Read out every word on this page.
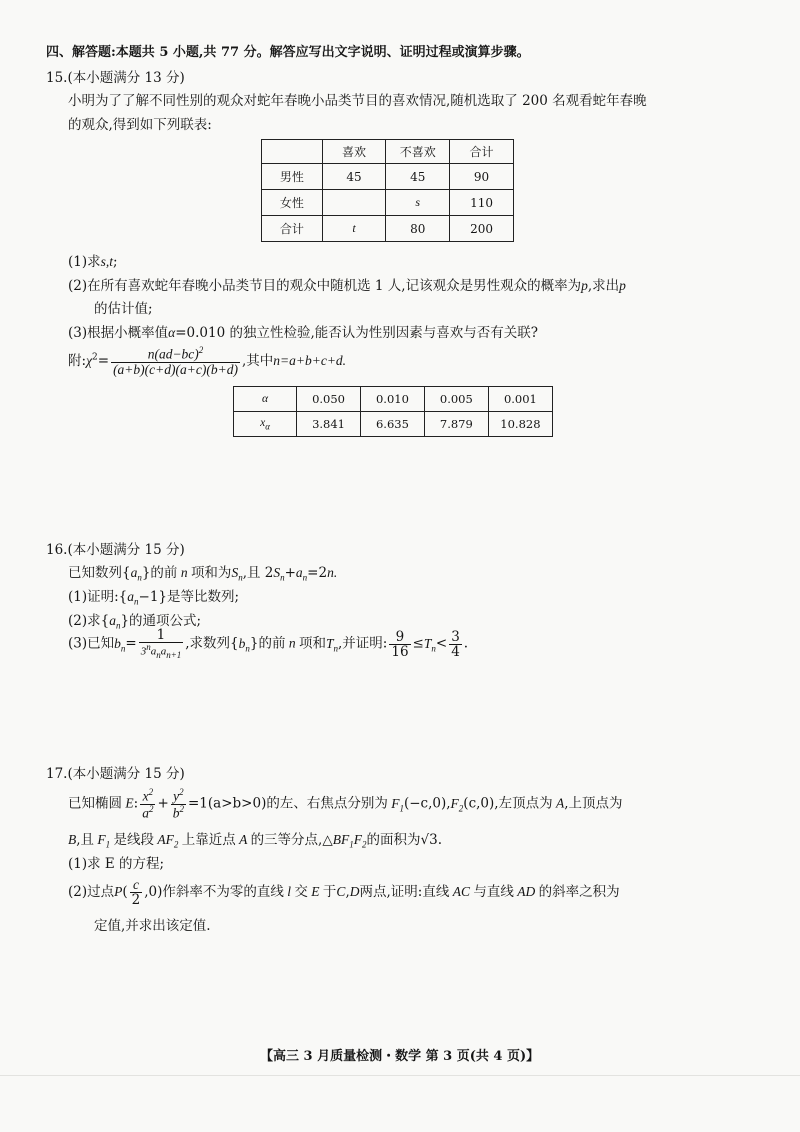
四、解答题:本题共 5 小题,共 77 分。解答应写出文字说明、证明过程或演算步骤。
15.(本小题满分 13 分)
小明为了了解不同性别的观众对蛇年春晚小品类节目的喜欢情况,随机选取了 200 名观看蛇年春晚
的观众,得到如下列联表:
	喜欢	不喜欢	合计
男性	45	45	90
女性		s	110
合计	t	80	200
(1)求s,t;
(2)在所有喜欢蛇年春晚小品类节目的观众中随机选 1 人,记该观众是男性观众的概率为p,求出p
的估计值;
(3)根据小概率值α=0.010 的独立性检验,能否认为性别因素与喜欢与否有关联?
附$:\chi^2= \frac{n(ad-bc)^2}{(a+b)(c+d)(a+c)(b+d)}$ ,其中n=a+b+c+d.
α	0.050	0.010	0.005	0.001
$x_\alpha$	3.841	6.635	7.879	10.828
16.(本小题满分 15 分)
已知数列$\{a_n\}$的前 n 项和为$S_n$,且 $2S_n+a_n=2n$.
(1)证明$:\{a_n-1\}$是等比数列;
(2)求$\{a_n\}$的通项公式;
(3)已知$b_n= \frac{1}{3^na_na_{n+1}}$ ,求数列$\{b_n\}$的前 n 项和$T_n$,并证明: $\frac{9}{16} \le T_n< \frac{3}{4}$ .
17.(本小题满分 15 分)
已知椭圆 E: $\frac{x^2}{a^2} + \frac{y^2}{b^2} =1(a>b>0)$的左、右焦点分别为 $F_1(-c,0),F_2(c,0)$,左顶点为 A,上顶点为
B,且 $F_1$ 是线段 $AF_2$ 上靠近点 A 的三等分点$,\triangle BF_1F_2$的面积为√3.
(1)求 E 的方程;
(2)过点$P( \frac{c}{2} ,0)$作斜率不为零的直线 l 交 E 于C,D两点,证明:直线 AC 与直线 AD 的斜率之积为
定值,并求出该定值.
【高三 3 月质量检测・数学 第 3 页(共 4 页)】
